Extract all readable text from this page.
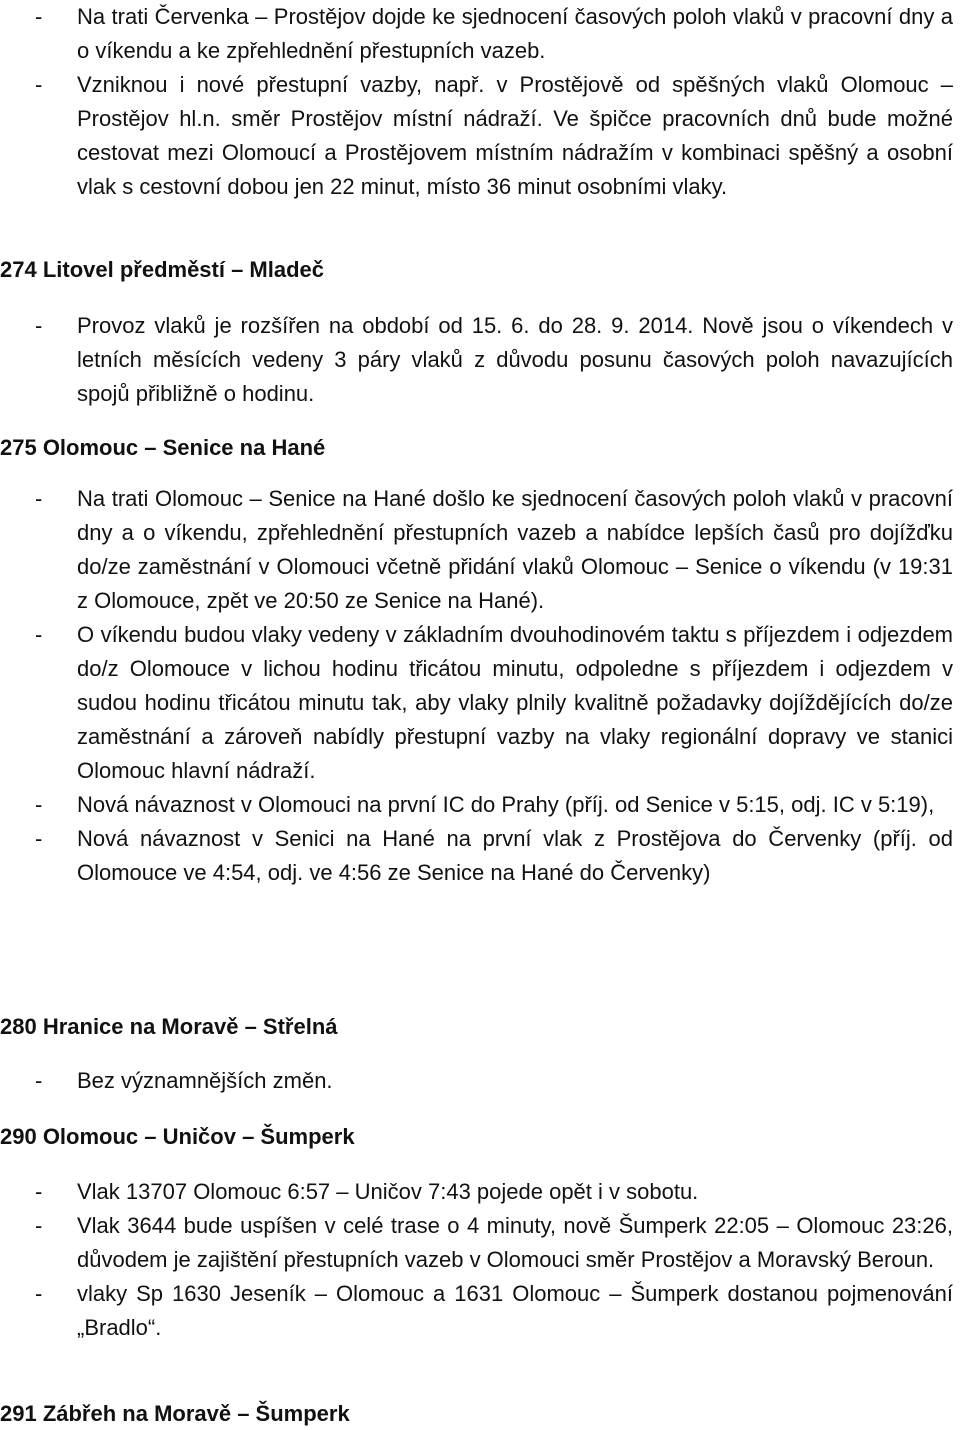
- Na trati Červenka – Prostějov dojde ke sjednocení časových poloh vlaků v pracovní dny a o víkendu a ke zpřehlednění přestupních vazeb.
- Vzniknou i nové přestupní vazby, např. v Prostějově od spěšných vlaků Olomouc – Prostějov hl.n. směr Prostějov místní nádraží. Ve špičce pracovních dnů bude možné cestovat mezi Olomoucí a Prostějovem místním nádražím v kombinaci spěšný a osobní vlak s cestovní dobou jen 22 minut, místo 36 minut osobními vlaky.
274 Litovel předměstí – Mladeč
- Provoz vlaků je rozšířen na období od 15. 6. do 28. 9. 2014. Nově jsou o víkendech v letních měsících vedeny 3 páry vlaků z důvodu posunu časových poloh navazujících spojů přibližně o hodinu.
275 Olomouc – Senice na Hané
- Na trati Olomouc – Senice na Hané došlo ke sjednocení časových poloh vlaků v pracovní dny a o víkendu, zpřehlednění přestupních vazeb a nabídce lepších časů pro dojížďku do/ze zaměstnání v Olomouci včetně přidání vlaků Olomouc – Senice o víkendu (v 19:31 z Olomouce, zpět ve 20:50 ze Senice na Hané).
- O víkendu budou vlaky vedeny v základním dvouhodinovém taktu s příjezdem i odjezdem do/z Olomouce v lichou hodinu třicátou minutu, odpoledne s příjezdem i odjezdem v sudou hodinu třicátou minutu tak, aby vlaky plnily kvalitně požadavky dojíždějících do/ze zaměstnání a zároveň nabídly přestupní vazby na vlaky regionální dopravy ve stanici Olomouc hlavní nádraží.
- Nová návaznost v Olomouci na první IC do Prahy (příj. od Senice v 5:15, odj. IC v 5:19),
- Nová návaznost v Senici na Hané na první vlak z Prostějova do Červenky (příj. od Olomouce ve 4:54, odj. ve 4:56 ze Senice na Hané do Červenky)
280 Hranice na Moravě – Střelná
- Bez významnějších změn.
290 Olomouc – Uničov – Šumperk
- Vlak 13707 Olomouc 6:57 – Uničov 7:43 pojede opět i v sobotu.
- Vlak 3644 bude uspíšen v celé trase o 4 minuty, nově Šumperk 22:05 – Olomouc 23:26, důvodem je zajištění přestupních vazeb v Olomouci směr Prostějov a Moravský Beroun.
- vlaky Sp 1630 Jeseník – Olomouc a 1631 Olomouc – Šumperk dostanou pojmenování „Bradlo“.
291 Zábřeh na Moravě – Šumperk
